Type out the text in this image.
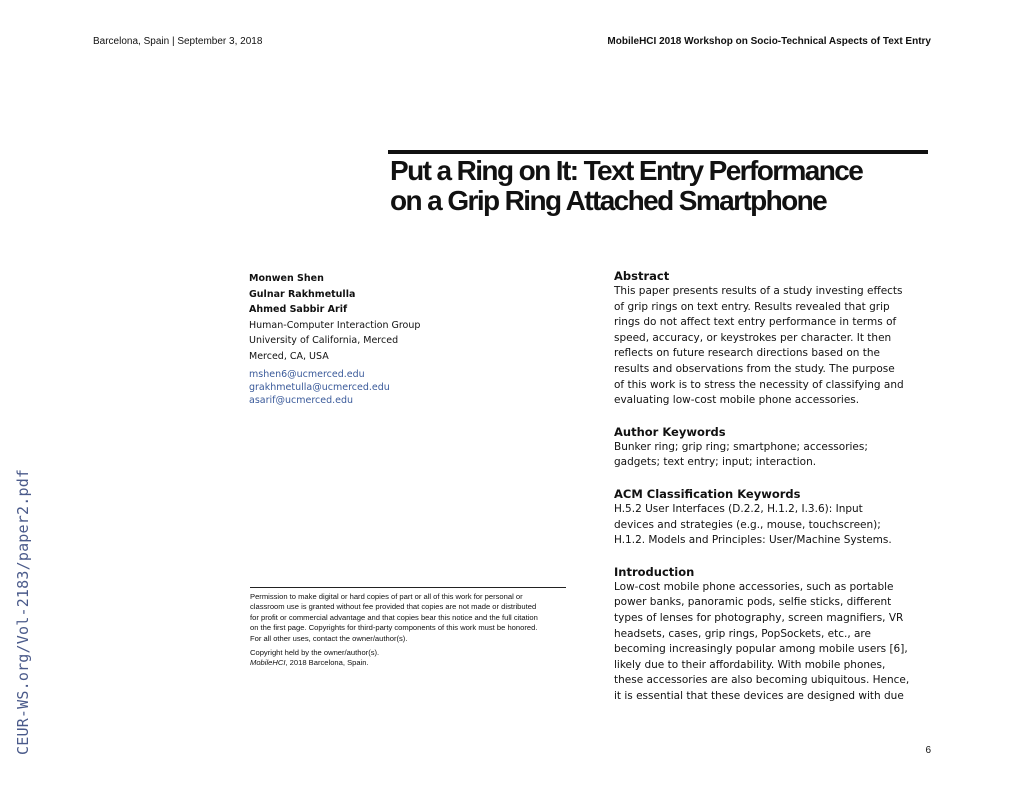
Barcelona, Spain | September 3, 2018	MobileHCI 2018 Workshop on Socio-Technical Aspects of Text Entry
Put a Ring on It: Text Entry Performance
on a Grip Ring Attached Smartphone
Monwen Shen
Gulnar Rakhmetulla
Ahmed Sabbir Arif
Human-Computer Interaction Group
University of California, Merced
Merced, CA, USA
mshen6@ucmerced.edu
grakhmetulla@ucmerced.edu
asarif@ucmerced.edu
CEUR-WS.org/Vol-2183/paper2.pdf	Permission to make digital or hard copies of part or all of this work for personal or

classroom use is granted without fee provided that copies are not made or distributed

for profit or commercial advantage and that copies bear this notice and the full citation

on the first page. Copyrights for third-party components of this work must be honored.

For all other uses, contact the owner/author(s).

Copyright held by the owner/author(s).

MobileHCI, 2018 Barcelona, Spain.

Abstract

This paper presents results of a study investing effects
of grip rings on text entry. Results revealed that grip
rings do not affect text entry performance in terms of
speed, accuracy, or keystrokes per character. It then
reflects on future research directions based on the
results and observations from the study. The purpose
of this work is to stress the necessity of classifying and
evaluating low-cost mobile phone accessories.

Author Keywords

Bunker ring; grip ring; smartphone; accessories;
gadgets; text entry; input; interaction.

ACM Classification Keywords

H.5.2 User Interfaces (D.2.2, H.1.2, I.3.6): Input
devices and strategies (e.g., mouse, touchscreen);
H.1.2. Models and Principles: User/Machine Systems.

Introduction

Low-cost mobile phone accessories, such as portable
power banks, panoramic pods, selfie sticks, different
types of lenses for photography, screen magnifiers, VR
headsets, cases, grip rings, PopSockets, etc., are
becoming increasingly popular among mobile users [6],
likely due to their affordability. With mobile phones,
these accessories are also becoming ubiquitous. Hence,
it is essential that these devices are designed with due

6
